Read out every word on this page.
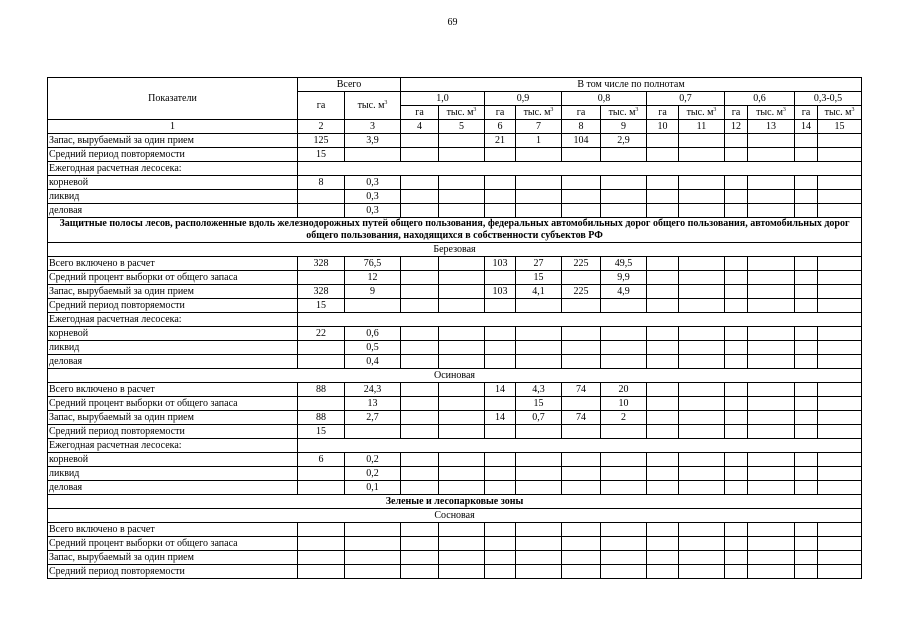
69
Показатели	Всего		В том числе по полнотам											
	га	тыс. $м^3$	1,0		0,9		0,8		0,7		0,6		0,3-0,5	
			га	тыс. $м^3$	га	тыс. $м^3$	га	тыс. $м^3$	га	тыс. $м^3$	га	тыс. $м^3$	га	тыс. $м^3$
1	2	3	4	5	6	7	8	9	10	11	12	13	14	15
Запас, вырубаемый за один прием	125	3,9			21	1	104	2,9						
Средний период повторяемости	15													
Ежегодная расчетная лесосека:														
корневой	8	0,3												
ликвид		0,3												
деловая		0,3												
Защитные полосы лесов, расположенные вдоль железнодорожных путей общего пользования, федеральных автомобильных дорог общего пользования, автомобильных дорог общего пользования, находящихся в собственности субъектов РФ														
Березовая														
Всего включено в расчет	328	76,5			103	27	225	49,5						
Средний процент выборки от общего запаса		12				15		9,9						
Запас, вырубаемый за один прием	328	9			103	4,1	225	4,9						
Средний период повторяемости	15													
Ежегодная расчетная лесосека:														
корневой	22	0,6												
ликвид		0,5												
деловая		0,4												
Осиновая														
Всего включено в расчет	88	24,3			14	4,3	74	20						
Средний процент выборки от общего запаса		13				15		10						
Запас, вырубаемый за один прием	88	2,7			14	0,7	74	2						
Средний период повторяемости	15													
Ежегодная расчетная лесосека:														
корневой	6	0,2												
ликвид		0,2												
деловая		0,1												
Зеленые и лесопарковые зоны														
Сосновая														
Всего включено в расчет														
Средний процент выборки от общего запаса														
Запас, вырубаемый за один прием														
Средний период повторяемости														
